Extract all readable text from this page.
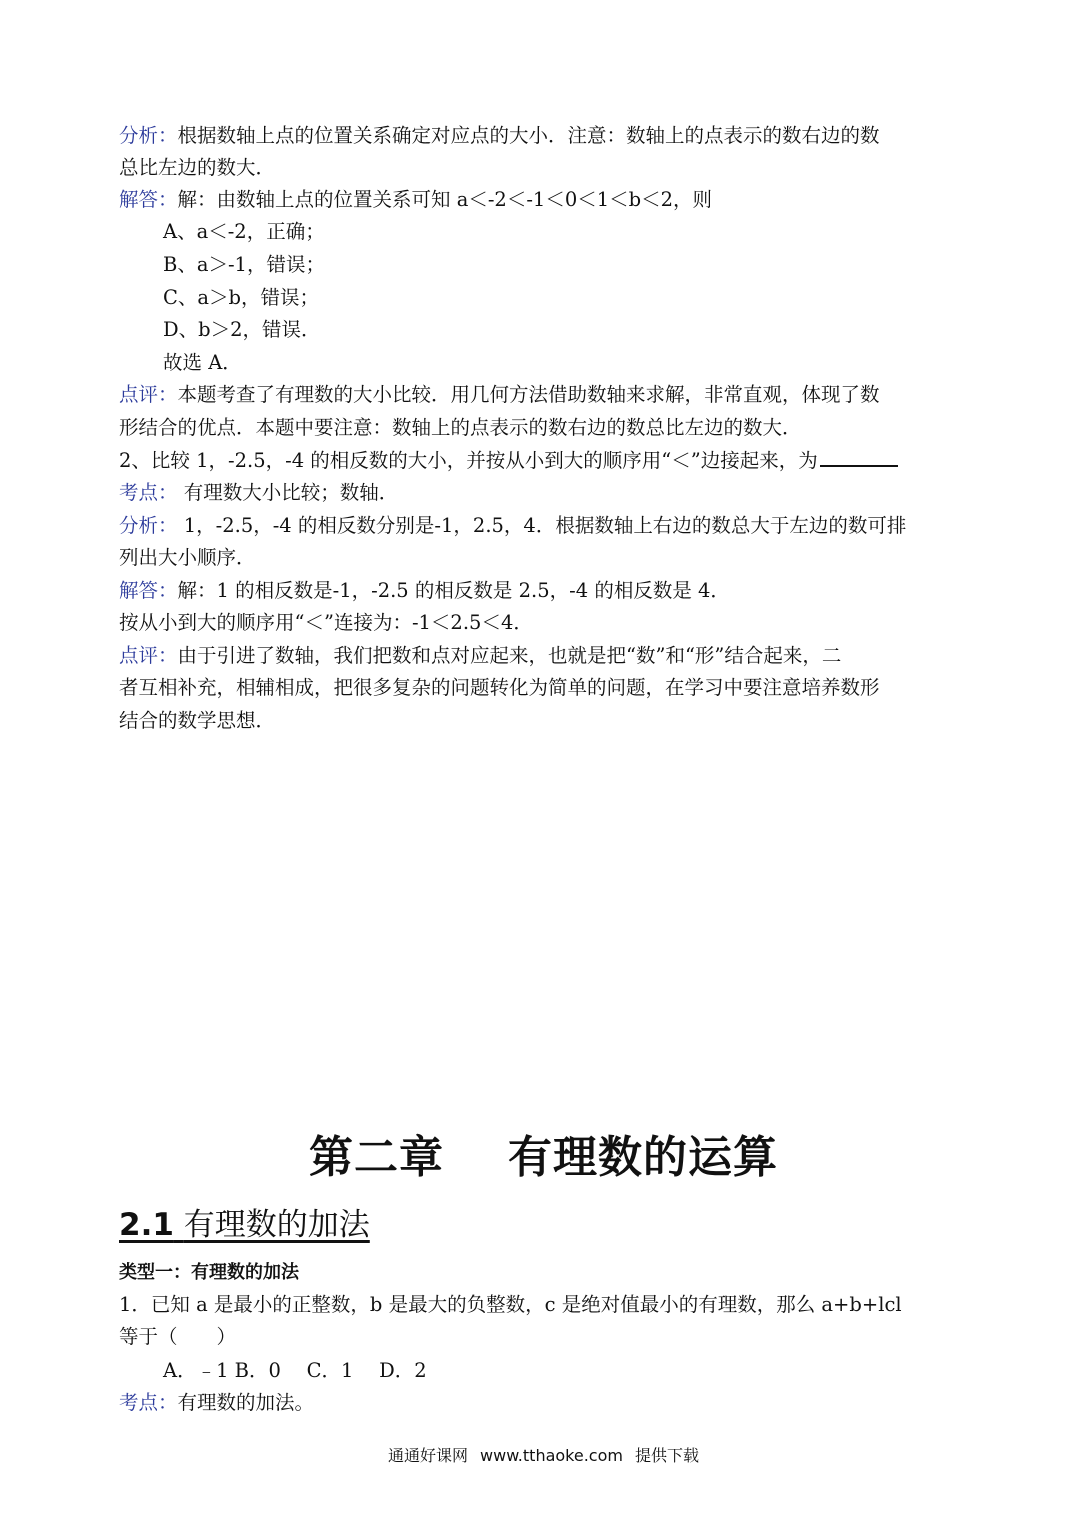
分析：根据数轴上点的位置关系确定对应点的大小．注意：数轴上的点表示的数右边的数
总比左边的数大．
解答：解：由数轴上点的位置关系可知 a＜-2＜-1＜0＜1＜b＜2，则
A、a＜-2，正确；
B、a＞-1，错误；
C、a＞b，错误；
D、b＞2，错误．
故选 A．
点评：本题考查了有理数的大小比较．用几何方法借助数轴来求解，非常直观，体现了数
形结合的优点．本题中要注意：数轴上的点表示的数右边的数总比左边的数大．
2、比较 1，-2.5，-4 的相反数的大小，并按从小到大的顺序用“＜”边接起来，为
考点： 有理数大小比较；数轴．
分析： 1，-2.5，-4 的相反数分别是-1，2.5，4．根据数轴上右边的数总大于左边的数可排
列出大小顺序．
解答：解：1 的相反数是-1，-2.5 的相反数是 2.5，-4 的相反数是 4．
按从小到大的顺序用“＜”连接为：-1＜2.5＜4．
点评：由于引进了数轴，我们把数和点对应起来，也就是把“数”和“形”结合起来，二
者互相补充，相辅相成，把很多复杂的问题转化为简单的问题，在学习中要注意培养数形
结合的数学思想．
第二章 有理数的运算
2.1 有理数的加法
类型一：有理数的加法
1．已知 a 是最小的正整数，b 是最大的负整数，c 是绝对值最小的有理数，那么 a+b+lcl
等于（　　）
A．﹣1 B．0　 C．1　 D．2
考点：有理数的加法。
通通好课网 www.tthaoke.com 提供下载
